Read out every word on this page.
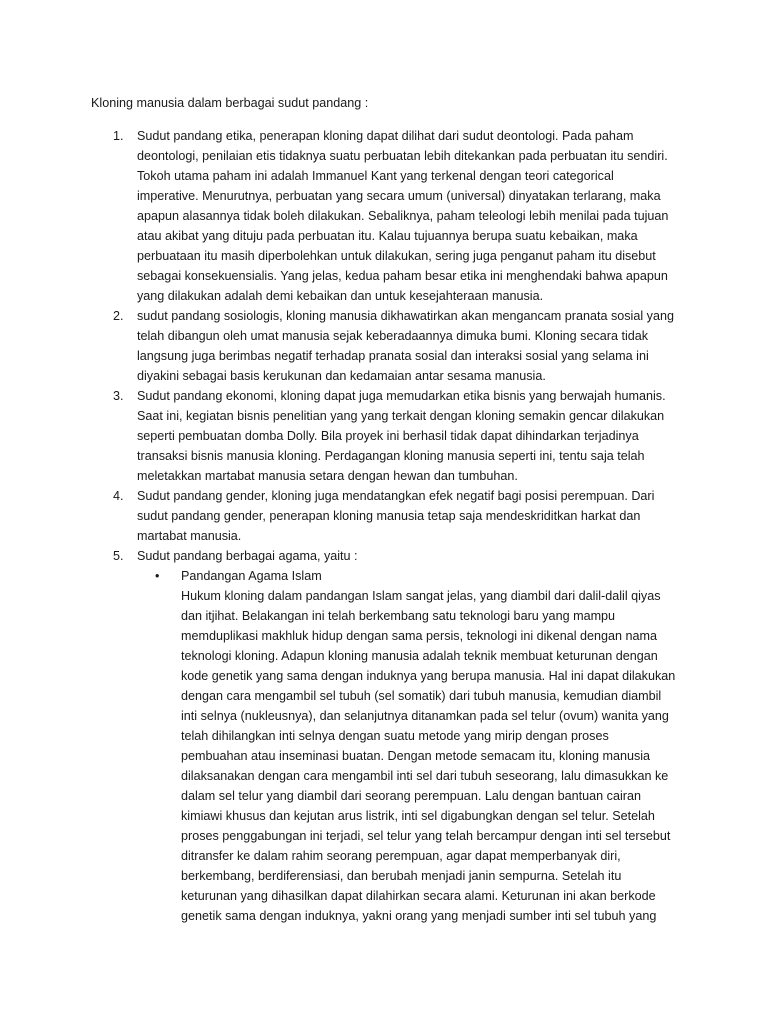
Kloning manusia dalam berbagai sudut pandang :
1. Sudut pandang etika, penerapan kloning dapat dilihat dari sudut deontologi. Pada paham
deontologi, penilaian etis tidaknya suatu perbuatan lebih ditekankan pada perbuatan itu sendiri.
Tokoh utama paham ini adalah Immanuel Kant yang terkenal dengan teori categorical
imperative. Menurutnya, perbuatan yang secara umum (universal) dinyatakan terlarang, maka
apapun alasannya tidak boleh dilakukan. Sebaliknya, paham teleologi lebih menilai pada tujuan
atau akibat yang dituju pada perbuatan itu. Kalau tujuannya berupa suatu kebaikan, maka
perbuataan itu masih diperbolehkan untuk dilakukan, sering juga penganut paham itu disebut
sebagai konsekuensialis. Yang jelas, kedua paham besar etika ini menghendaki bahwa apapun
yang dilakukan adalah demi kebaikan dan untuk kesejahteraan manusia.
2. sudut pandang sosiologis, kloning manusia dikhawatirkan akan mengancam pranata sosial yang
telah dibangun oleh umat manusia sejak keberadaannya dimuka bumi. Kloning secara tidak
langsung juga berimbas negatif terhadap pranata sosial dan interaksi sosial yang selama ini
diyakini sebagai basis kerukunan dan kedamaian antar sesama manusia.
3. Sudut pandang ekonomi, kloning dapat juga memudarkan etika bisnis yang berwajah humanis.
Saat ini, kegiatan bisnis penelitian yang yang terkait dengan kloning semakin gencar dilakukan
seperti pembuatan domba Dolly. Bila proyek ini berhasil tidak dapat dihindarkan terjadinya
transaksi bisnis manusia kloning. Perdagangan kloning manusia seperti ini, tentu saja telah
meletakkan martabat manusia setara dengan hewan dan tumbuhan.
4. Sudut pandang gender, kloning juga mendatangkan efek negatif bagi posisi perempuan. Dari
sudut pandang gender, penerapan kloning manusia tetap saja mendeskriditkan harkat dan
martabat manusia.
5. Sudut pandang berbagai agama, yaitu :
• Pandangan Agama Islam
Hukum kloning dalam pandangan Islam sangat jelas, yang diambil dari dalil-dalil qiyas
dan itjihat. Belakangan ini telah berkembang satu teknologi baru yang mampu
memduplikasi makhluk hidup dengan sama persis, teknologi ini dikenal dengan nama
teknologi kloning. Adapun kloning manusia adalah teknik membuat keturunan dengan
kode genetik yang sama dengan induknya yang berupa manusia. Hal ini dapat dilakukan
dengan cara mengambil sel tubuh (sel somatik) dari tubuh manusia, kemudian diambil
inti selnya (nukleusnya), dan selanjutnya ditanamkan pada sel telur (ovum) wanita yang
telah dihilangkan inti selnya dengan suatu metode yang mirip dengan proses
pembuahan atau inseminasi buatan. Dengan metode semacam itu, kloning manusia
dilaksanakan dengan cara mengambil inti sel dari tubuh seseorang, lalu dimasukkan ke
dalam sel telur yang diambil dari seorang perempuan. Lalu dengan bantuan cairan
kimiawi khusus dan kejutan arus listrik, inti sel digabungkan dengan sel telur. Setelah
proses penggabungan ini terjadi, sel telur yang telah bercampur dengan inti sel tersebut
ditransfer ke dalam rahim seorang perempuan, agar dapat memperbanyak diri,
berkembang, berdiferensiasi, dan berubah menjadi janin sempurna. Setelah itu
keturunan yang dihasilkan dapat dilahirkan secara alami. Keturunan ini akan berkode
genetik sama dengan induknya, yakni orang yang menjadi sumber inti sel tubuh yang
